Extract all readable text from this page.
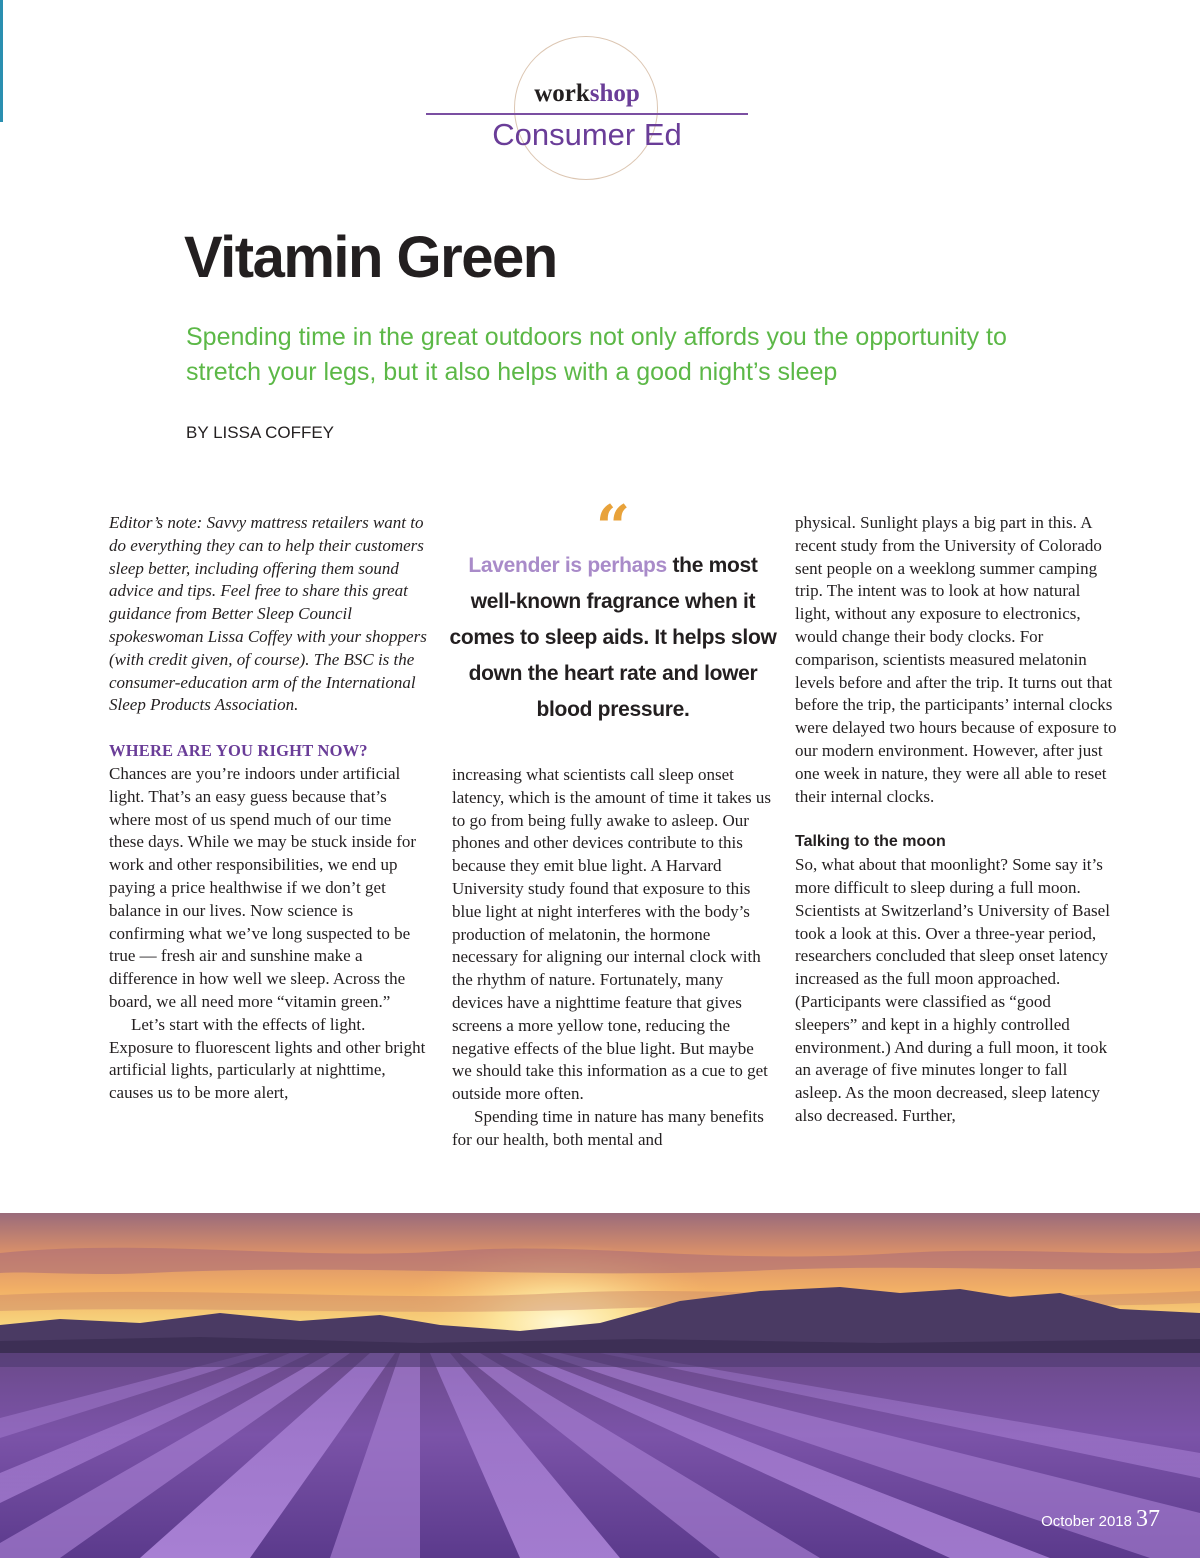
workshop
Consumer Ed
Vitamin Green

Spending time in the great outdoors not only affords you the opportunity to stretch your legs, but it also helps with a good night’s sleep

BY LISSA COFFEY

Editor’s note: Savvy mattress retailers want to do everything they can to help their customers sleep better, including offering them sound advice and tips. Feel free to share this great guidance from Better Sleep Council spokeswoman Lissa Coffey with your shoppers (with credit given, of course). The BSC is the consumer-education arm of the International Sleep Products Association.

WHERE ARE YOU RIGHT NOW?

Chances are you’re indoors under artificial light. That’s an easy guess because that’s where most of us spend much of our time these days. While we may be stuck inside for work and other responsibilities, we end up paying a price healthwise if we don’t get balance in our lives. Now science is confirming what we’ve long suspected to be true — fresh air and sunshine make a difference in how well we sleep. Across the board, we all need more “vitamin green.”

Let’s start with the effects of light. Exposure to fluorescent lights and other bright artificial lights, particularly at nighttime, causes us to be more alert,

“

Lavender is perhaps the most well-known fragrance when it comes to sleep aids. It helps slow down the heart rate and lower blood pressure.

increasing what scientists call sleep onset latency, which is the amount of time it takes us to go from being fully awake to asleep. Our phones and other devices contribute to this because they emit blue light. A Harvard University study found that exposure to this blue light at night interferes with the body’s production of melatonin, the hormone necessary for aligning our internal clock with the rhythm of nature. Fortunately, many devices have a nighttime feature that gives screens a more yellow tone, reducing the negative effects of the blue light. But maybe we should take this information as a cue to get outside more often.

Spending time in nature has many benefits for our health, both mental and

physical. Sunlight plays a big part in this. A recent study from the University of Colorado sent people on a weeklong summer camping trip. The intent was to look at how natural light, without any exposure to electronics, would change their body clocks. For comparison, scientists measured melatonin levels before and after the trip. It turns out that before the trip, the participants’ internal clocks were delayed two hours because of exposure to our modern environment. However, after just one week in nature, they were all able to reset their internal clocks.

Talking to the moon

So, what about that moonlight? Some say it’s more difficult to sleep during a full moon. Scientists at Switzerland’s University of Basel took a look at this. Over a three-year period, researchers concluded that sleep onset latency increased as the full moon approached. (Participants were classified as “good sleepers” and kept in a highly controlled environment.) And during a full moon, it took an average of five minutes longer to fall asleep. As the moon decreased, sleep latency also decreased. Further,

October 2018 37
